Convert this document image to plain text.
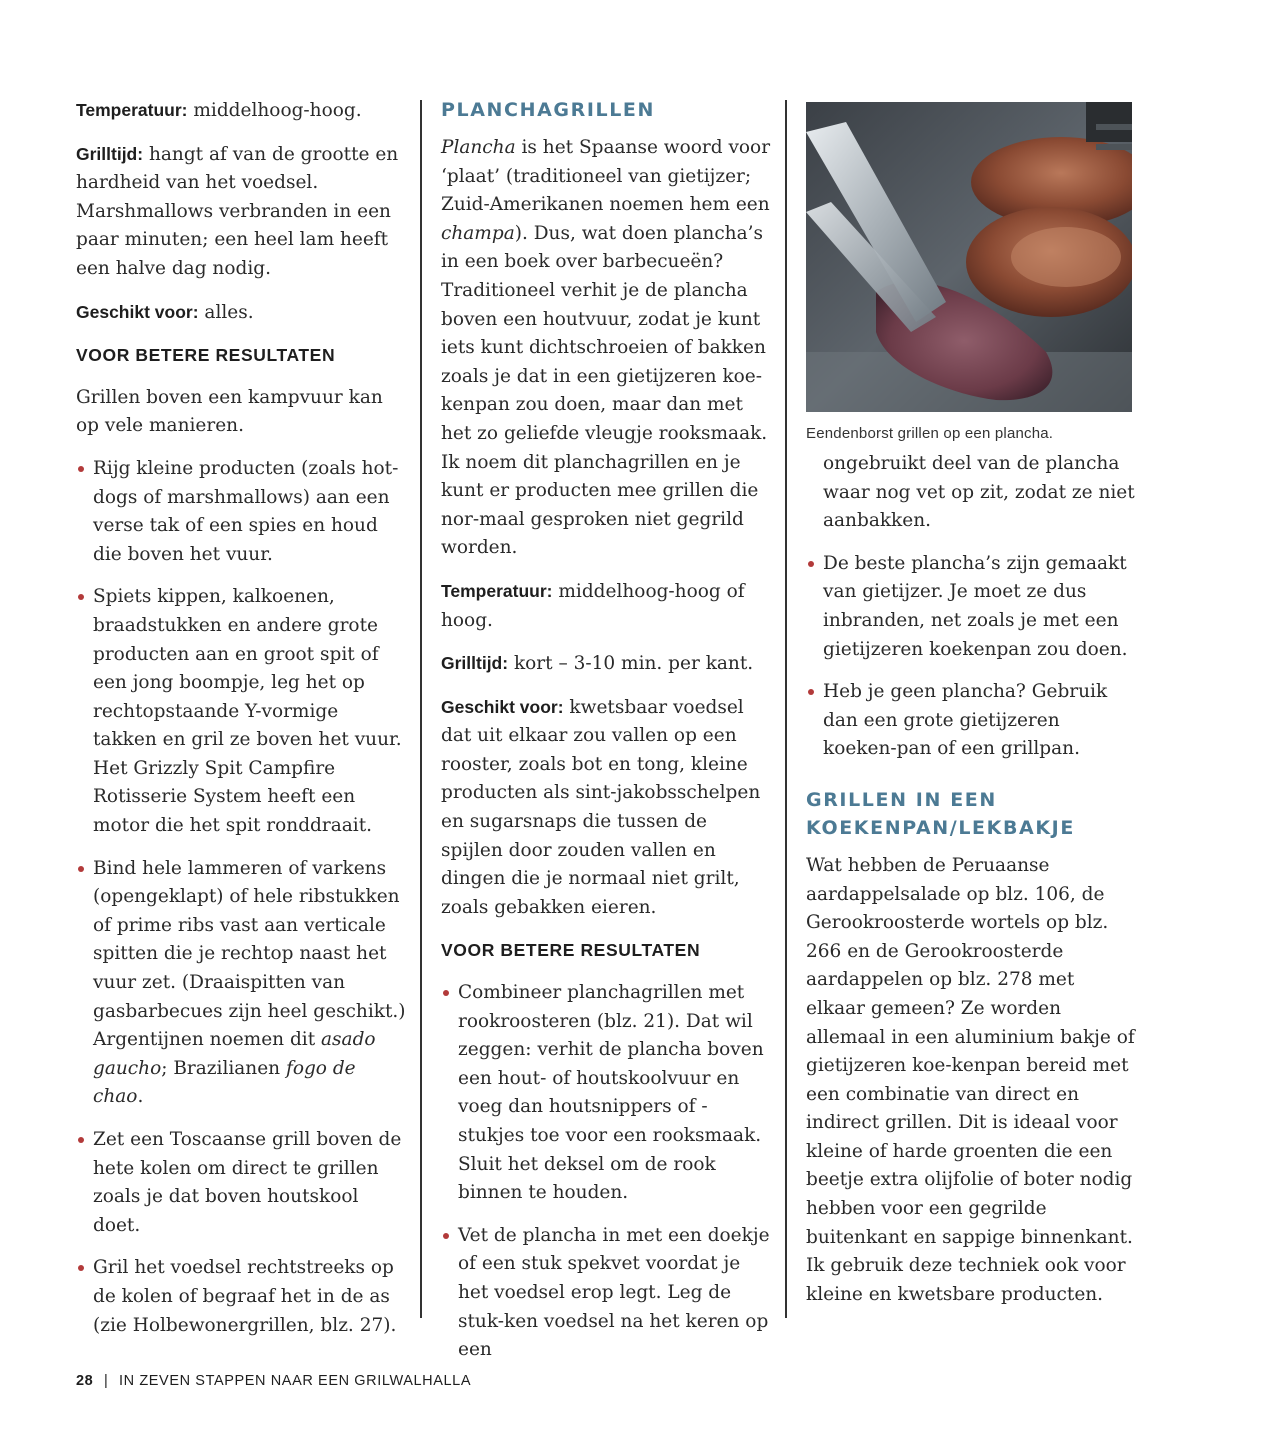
Temperatuur: middelhoog-hoog.

Grilltijd: hangt af van de grootte en hardheid van het voedsel. Marshmallows verbranden in een paar minuten; een heel lam heeft een halve dag nodig.

Geschikt voor: alles.

VOOR BETERE RESULTATEN

Grillen boven een kampvuur kan op vele manieren.

Rijg kleine producten (zoals hot-dogs of marshmallows) aan een verse tak of een spies en houd die boven het vuur.
Spiets kippen, kalkoenen, braadstukken en andere grote producten aan en groot spit of een jong boompje, leg het op rechtopstaande Y-vormige takken en gril ze boven het vuur. Het Grizzly Spit Campfire Rotisserie System heeft een motor die het spit ronddraait.
Bind hele lammeren of varkens (opengeklapt) of hele ribstukken of prime ribs vast aan verticale spitten die je rechtop naast het vuur zet. (Draaispitten van gasbarbecues zijn heel geschikt.) Argentijnen noemen dit asado gaucho; Brazilianen fogo de chao.
Zet een Toscaanse grill boven de hete kolen om direct te grillen zoals je dat boven houtskool doet.
Gril het voedsel rechtstreeks op de kolen of begraaf het in de as (zie Holbewonergrillen, blz. 27).
PLANCHAGRILLEN

Plancha is het Spaanse woord voor ‘plaat’ (traditioneel van gietijzer; Zuid-Amerikanen noemen hem een champa). Dus, wat doen plancha’s in een boek over barbecueën? Traditioneel verhit je de plancha boven een houtvuur, zodat je kunt iets kunt dichtschroeien of bakken zoals je dat in een gietijzeren koe-kenpan zou doen, maar dan met het zo geliefde vleugje rooksmaak. Ik noem dit planchagrillen en je kunt er producten mee grillen die nor-maal gesproken niet gegrild worden.

Temperatuur: middelhoog-hoog of hoog.

Grilltijd: kort – 3-10 min. per kant.

Geschikt voor: kwetsbaar voedsel dat uit elkaar zou vallen op een rooster, zoals bot en tong, kleine producten als sint-jakobsschelpen en sugarsnaps die tussen de spijlen door zouden vallen en dingen die je normaal niet grilt, zoals gebakken eieren.

VOOR BETERE RESULTATEN

Combineer planchagrillen met rookroosteren (blz. 21). Dat wil zeggen: verhit de plancha boven een hout- of houtskoolvuur en voeg dan houtsnippers of -stukjes toe voor een rooksmaak. Sluit het deksel om de rook binnen te houden.
Vet de plancha in met een doekje of een stuk spekvet voordat je het voedsel erop legt. Leg de stuk-ken voedsel na het keren op een
Eendenborst grillen op een plancha.

ongebruikt deel van de plancha waar nog vet op zit, zodat ze niet aanbakken.

De beste plancha’s zijn gemaakt van gietijzer. Je moet ze dus inbranden, net zoals je met een gietijzeren koekenpan zou doen.
Heb je geen plancha? Gebruik dan een grote gietijzeren koeken-pan of een grillpan.
GRILLEN IN EEN KOEKENPAN/LEKBAKJE

Wat hebben de Peruaanse aardappelsalade op blz. 106, de Gerookroosterde wortels op blz. 266 en de Gerookroosterde aardappelen op blz. 278 met elkaar gemeen? Ze worden allemaal in een aluminium bakje of gietijzeren koe-kenpan bereid met een combinatie van direct en indirect grillen. Dit is ideaal voor kleine of harde groenten die een beetje extra olijfolie of boter nodig hebben voor een gegrilde buitenkant en sappige binnenkant. Ik gebruik deze techniek ook voor kleine en kwetsbare producten.

28 | IN ZEVEN STAPPEN NAAR EEN GRILWALHALLA
